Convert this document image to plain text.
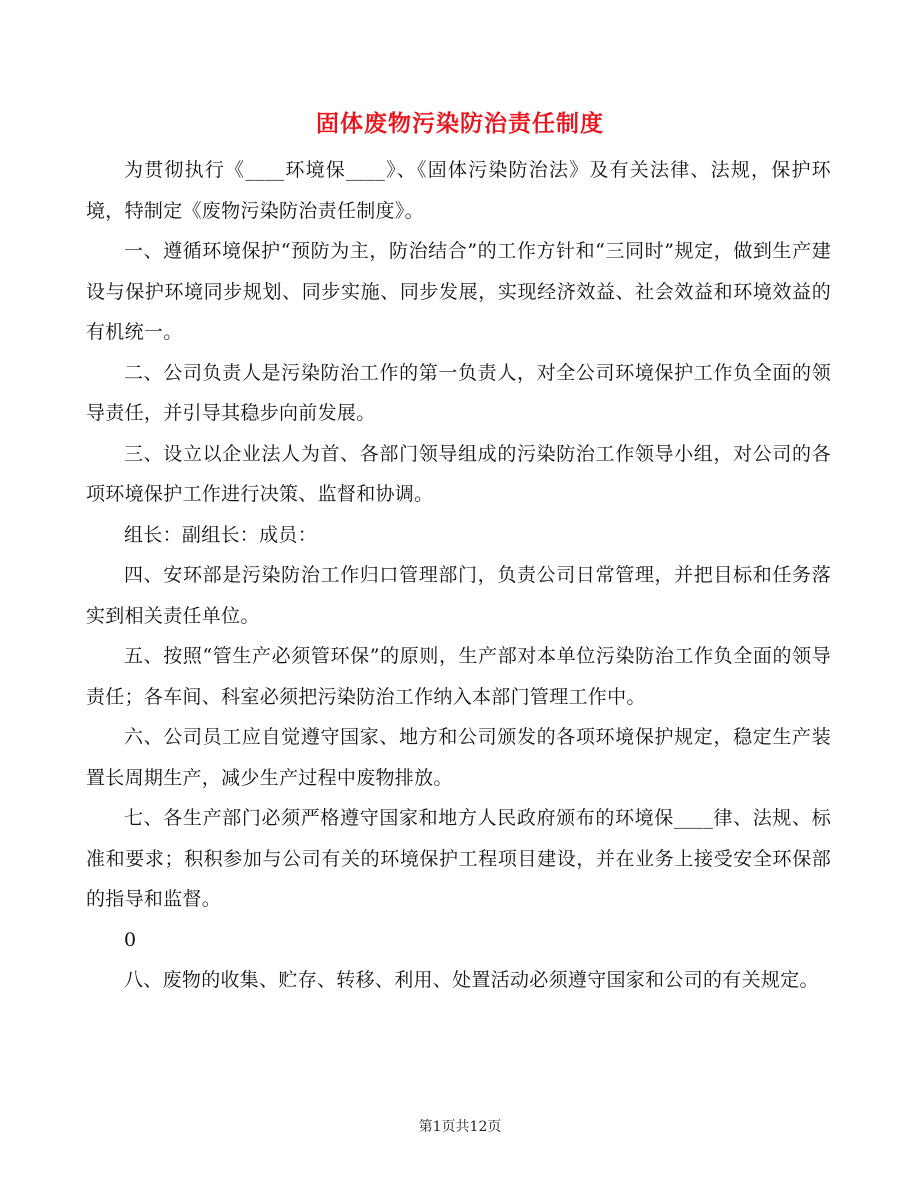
固体废物污染防治责任制度

为贯彻执行《____环境保____》、《固体污染防治法》及有关法律、法规，保护环境，特制定《废物污染防治责任制度》。

一、遵循环境保护“预防为主，防治结合”的工作方针和“三同时”规定，做到生产建设与保护环境同步规划、同步实施、同步发展，实现经济效益、社会效益和环境效益的有机统一。

二、公司负责人是污染防治工作的第一负责人，对全公司环境保护工作负全面的领导责任，并引导其稳步向前发展。

三、设立以企业法人为首、各部门领导组成的污染防治工作领导小组，对公司的各项环境保护工作进行决策、监督和协调。

组长：副组长：成员：

四、安环部是污染防治工作归口管理部门，负责公司日常管理，并把目标和任务落实到相关责任单位。

五、按照“管生产必须管环保”的原则，生产部对本单位污染防治工作负全面的领导责任；各车间、科室必须把污染防治工作纳入本部门管理工作中。

六、公司员工应自觉遵守国家、地方和公司颁发的各项环境保护规定，稳定生产装置长周期生产，减少生产过程中废物排放。

七、各生产部门必须严格遵守国家和地方人民政府颁布的环境保____律、法规、标准和要求；积积参加与公司有关的环境保护工程项目建设，并在业务上接受安全环保部的指导和监督。

0

八、废物的收集、贮存、转移、利用、处置活动必须遵守国家和公司的有关规定。

第1页共12页
